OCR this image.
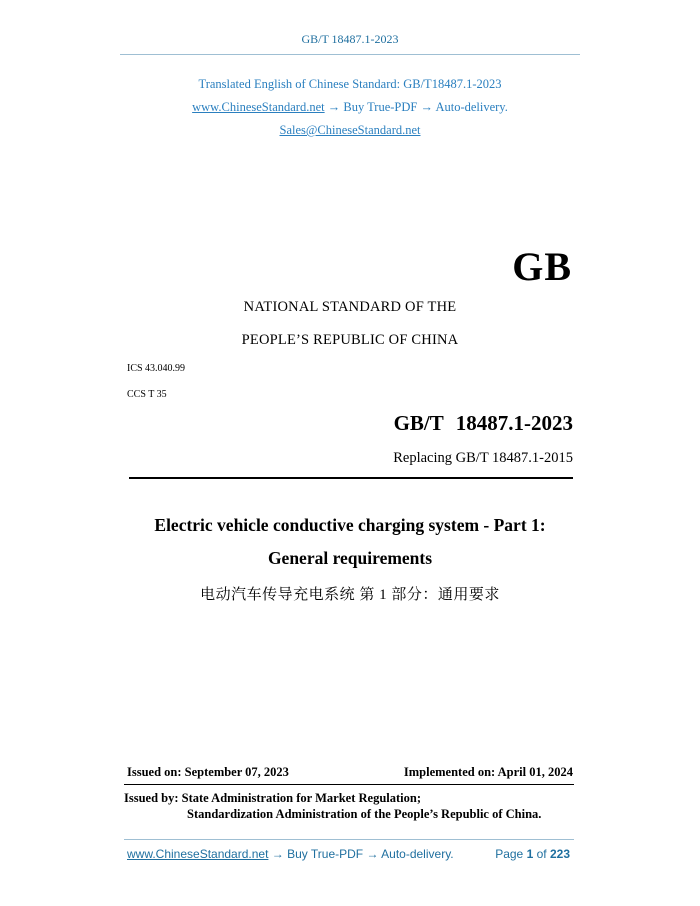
GB/T 18487.1-2023
Translated English of Chinese Standard: GB/T18487.1-2023
www.ChineseStandard.net → Buy True-PDF → Auto-delivery.
Sales@ChineseStandard.net
GB
NATIONAL STANDARD OF THE
PEOPLE’S REPUBLIC OF CHINA
ICS 43.040.99
CCS T 35
GB/T 18487.1-2023
Replacing GB/T 18487.1-2015
Electric vehicle conductive charging system - Part 1:
General requirements
电动汽车传导充电系统 第 1 部分：通用要求
Issued on: September 07, 2023	Implemented on: April 01, 2024
Issued by: State Administration for Market Regulation;
Standardization Administration of the People’s Republic of China.
www.ChineseStandard.net → Buy True-PDF → Auto-delivery.	Page 1 of 223
